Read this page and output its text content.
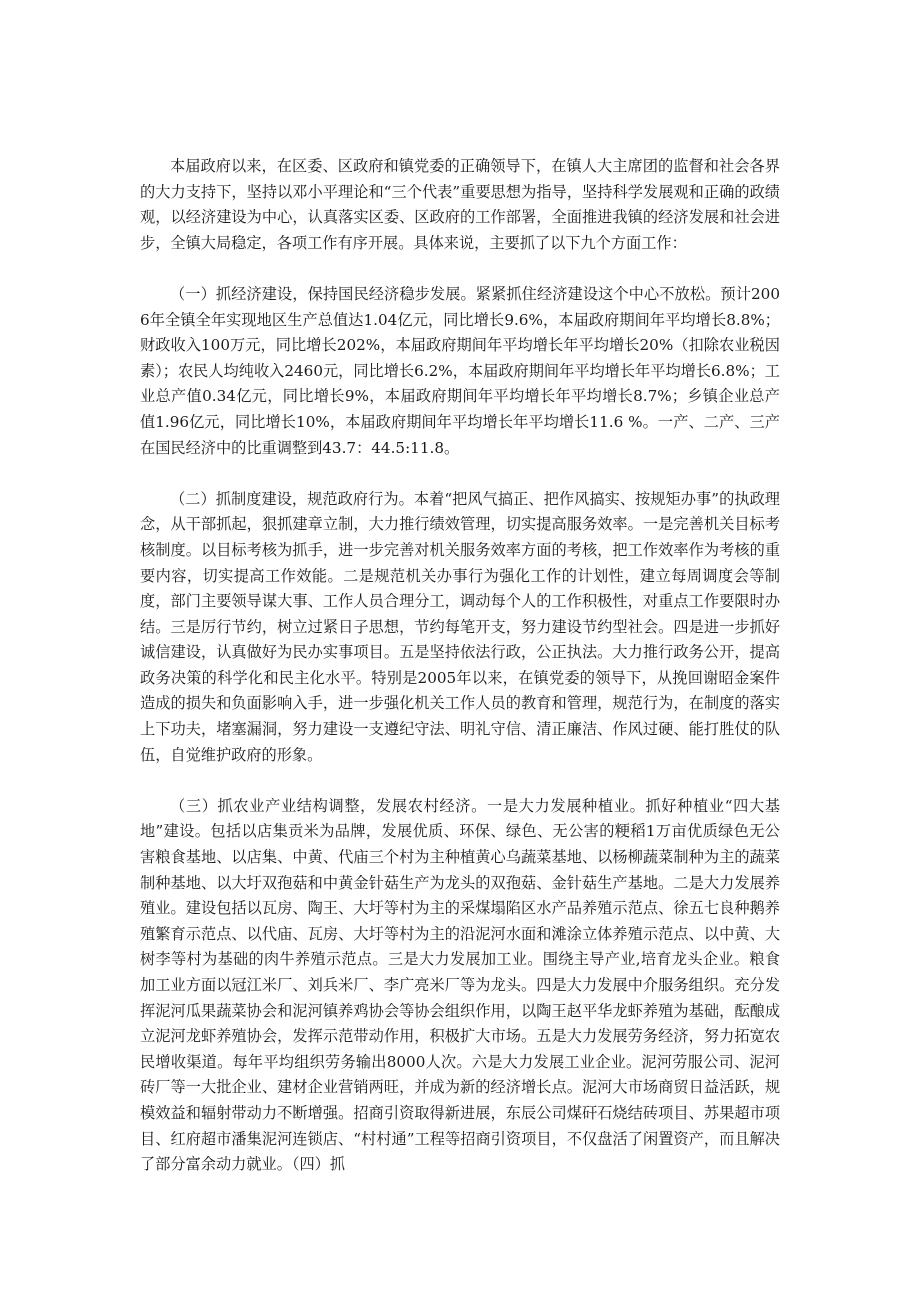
本届政府以来，在区委、区政府和镇党委的正确领导下，在镇人大主席团的监督和社会各界的大力支持下，坚持以邓小平理论和“三个代表”重要思想为指导，坚持科学发展观和正确的政绩观，以经济建设为中心，认真落实区委、区政府的工作部署，全面推进我镇的经济发展和社会进步，全镇大局稳定，各项工作有序开展。具体来说，主要抓了以下九个方面工作：

（一）抓经济建设，保持国民经济稳步发展。紧紧抓住经济建设这个中心不放松。预计2006年全镇全年实现地区生产总值达1.04亿元，同比增长9.6%，本届政府期间年平均增长8.8%；财政收入100万元，同比增长202%，本届政府期间年平均增长年平均增长20%（扣除农业税因素）；农民人均纯收入2460元，同比增长6.2%，本届政府期间年平均增长年平均增长6.8%；工业总产值0.34亿元，同比增长9%，本届政府期间年平均增长年平均增长8.7%；乡镇企业总产值1.96亿元，同比增长10%，本届政府期间年平均增长年平均增长11.6 %。一产、二产、三产在国民经济中的比重调整到43.7：44.5:11.8。

（二）抓制度建设，规范政府行为。本着“把风气搞正、把作风搞实、按规矩办事”的执政理念，从干部抓起，狠抓建章立制，大力推行绩效管理，切实提高服务效率。一是完善机关目标考核制度。以目标考核为抓手，进一步完善对机关服务效率方面的考核，把工作效率作为考核的重要内容，切实提高工作效能。二是规范机关办事行为强化工作的计划性，建立每周调度会等制度，部门主要领导谋大事、工作人员合理分工，调动每个人的工作积极性，对重点工作要限时办结。三是厉行节约，树立过紧日子思想，节约每笔开支，努力建设节约型社会。四是进一步抓好诚信建设，认真做好为民办实事项目。五是坚持依法行政，公正执法。大力推行政务公开，提高政务决策的科学化和民主化水平。特别是2005年以来，在镇党委的领导下，从挽回谢昭金案件造成的损失和负面影响入手，进一步强化机关工作人员的教育和管理，规范行为，在制度的落实上下功夫，堵塞漏洞，努力建设一支遵纪守法、明礼守信、清正廉洁、作风过硬、能打胜仗的队伍，自觉维护政府的形象。

（三）抓农业产业结构调整，发展农村经济。一是大力发展种植业。抓好种植业“四大基地”建设。包括以店集贡米为品牌，发展优质、环保、绿色、无公害的粳稻1万亩优质绿色无公害粮食基地、以店集、中黄、代庙三个村为主种植黄心乌蔬菜基地、以杨柳蔬菜制种为主的蔬菜制种基地、以大圩双孢菇和中黄金针菇生产为龙头的双孢菇、金针菇生产基地。二是大力发展养殖业。建设包括以瓦房、陶王、大圩等村为主的采煤塌陷区水产品养殖示范点、徐五七良种鹅养殖繁育示范点、以代庙、瓦房、大圩等村为主的沿泥河水面和滩涂立体养殖示范点、以中黄、大树李等村为基础的肉牛养殖示范点。三是大力发展加工业。围绕主导产业,培育龙头企业。粮食加工业方面以冠江米厂、刘兵米厂、李广亮米厂等为龙头。四是大力发展中介服务组织。充分发挥泥河瓜果蔬菜协会和泥河镇养鸡协会等协会组织作用，以陶王赵平华龙虾养殖为基础，酝酿成立泥河龙虾养殖协会，发挥示范带动作用，积极扩大市场。五是大力发展劳务经济，努力拓宽农民增收渠道。每年平均组织劳务输出8000人次。六是大力发展工业企业。泥河劳服公司、泥河砖厂等一大批企业、建材企业营销两旺，并成为新的经济增长点。泥河大市场商贸日益活跃，规模效益和辐射带动力不断增强。招商引资取得新进展，东辰公司煤矸石烧结砖项目、苏果超市项目、红府超市潘集泥河连锁店、“村村通”工程等招商引资项目，不仅盘活了闲置资产，而且解决了部分富余动力就业。（四）抓
